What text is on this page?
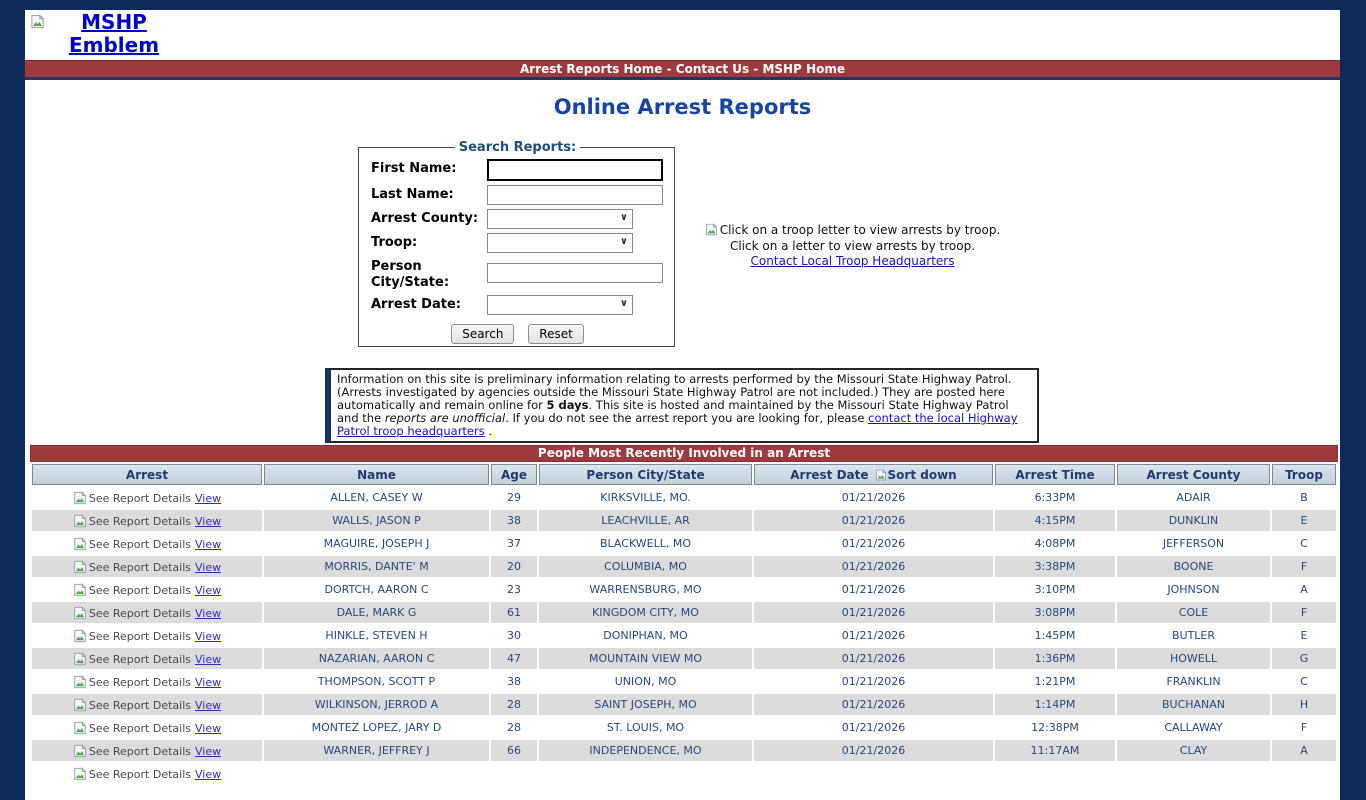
MSHP Emblem
Arrest Reports Home - Contact Us - MSHP Home
Online Arrest Reports
Search Reports:
First Name:
Last Name:
Arrest County:	∨
Troop:	∨
Person City/State:
Arrest Date:	∨
Search	Reset
Click on a troop letter to view arrests by troop.
Click on a letter to view arrests by troop.
Contact Local Troop Headquarters
Information on this site is preliminary information relating to arrests performed by the Missouri State Highway Patrol. (Arrests investigated by agencies outside the Missouri State Highway Patrol are not included.) They are posted here automatically and remain online for 5 days. This site is hosted and maintained by the Missouri State Highway Patrol and the reports are unofficial. If you do not see the arrest report you are looking for, please contact the local Highway Patrol troop headquarters .
People Most Recently Involved in an Arrest
Arrest	Name	Age	Person City/State	Arrest Date Sort down	Arrest Time	Arrest County	Troop
See Report Details View	ALLEN, CASEY W	29	KIRKSVILLE, MO.	01/21/2026	6:33PM	ADAIR	B
See Report Details View	WALLS, JASON P	38	LEACHVILLE, AR	01/21/2026	4:15PM	DUNKLIN	E
See Report Details View	MAGUIRE, JOSEPH J	37	BLACKWELL, MO	01/21/2026	4:08PM	JEFFERSON	C
See Report Details View	MORRIS, DANTE' M	20	COLUMBIA, MO	01/21/2026	3:38PM	BOONE	F
See Report Details View	DORTCH, AARON C	23	WARRENSBURG, MO	01/21/2026	3:10PM	JOHNSON	A
See Report Details View	DALE, MARK G	61	KINGDOM CITY, MO	01/21/2026	3:08PM	COLE	F
See Report Details View	HINKLE, STEVEN H	30	DONIPHAN, MO	01/21/2026	1:45PM	BUTLER	E
See Report Details View	NAZARIAN, AARON C	47	MOUNTAIN VIEW MO	01/21/2026	1:36PM	HOWELL	G
See Report Details View	THOMPSON, SCOTT P	38	UNION, MO	01/21/2026	1:21PM	FRANKLIN	C
See Report Details View	WILKINSON, JERROD A	28	SAINT JOSEPH, MO	01/21/2026	1:14PM	BUCHANAN	H
See Report Details View	MONTEZ LOPEZ, JARY D	28	ST. LOUIS, MO	01/21/2026	12:38PM	CALLAWAY	F
See Report Details View	WARNER, JEFFREY J	66	INDEPENDENCE, MO	01/21/2026	11:17AM	CLAY	A
See Report Details View							
